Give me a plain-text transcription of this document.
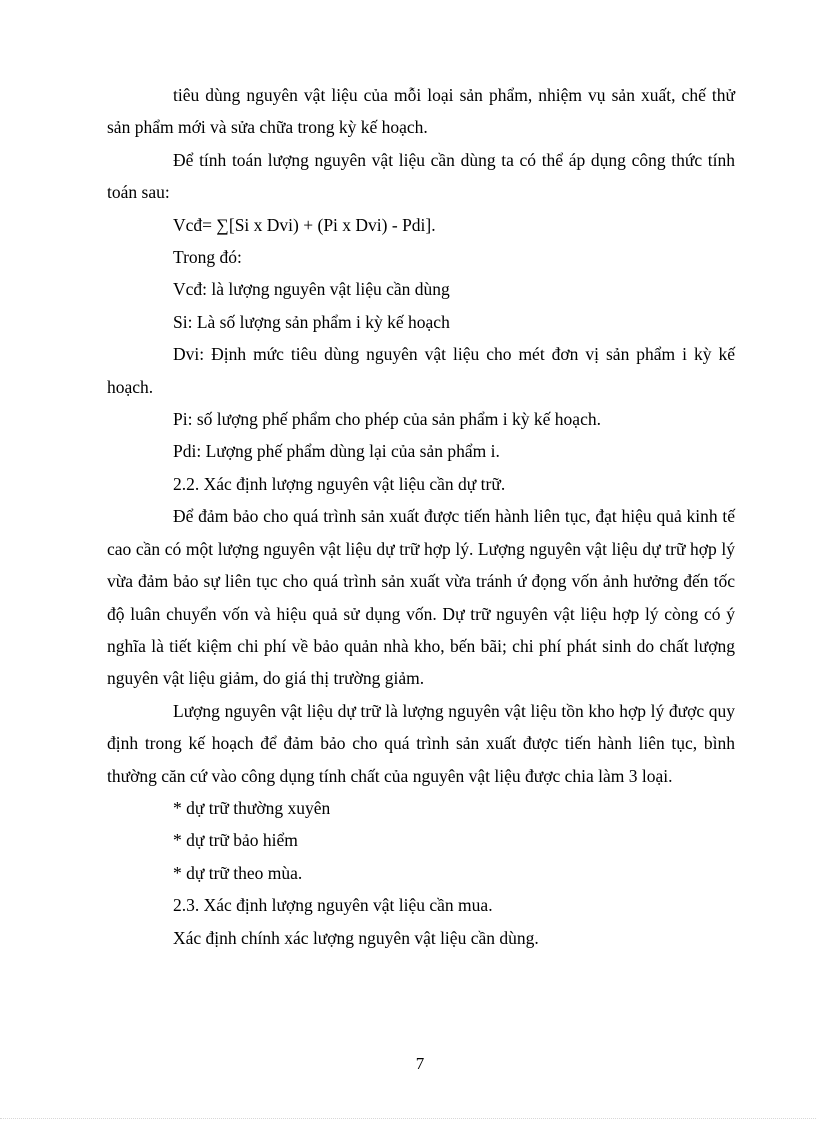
tiêu dùng nguyên vật liệu của mỗi loại sản phẩm, nhiệm vụ sản xuất, chế thử sản phẩm mới và sửa chữa trong kỳ kế hoạch.

Để tính toán lượng nguyên vật liệu cần dùng ta có thể áp dụng công thức tính toán sau:

Vcđ= ∑[Si x Dvi) + (Pi x Dvi) - Pdi].

Trong đó:

Vcđ: là lượng nguyên vật liệu cần dùng

Si: Là số lượng sản phẩm i kỳ kế hoạch

Dvi: Định mức tiêu dùng nguyên vật liệu cho mét đơn vị sản phẩm i kỳ kế hoạch.

Pi: số lượng phế phẩm cho phép của sản phẩm i kỳ kế hoạch.

Pdi: Lượng phế phẩm dùng lại của sản phẩm i.

2.2. Xác định lượng nguyên vật liệu cần dự trữ.

Để đảm bảo cho quá trình sản xuất được tiến hành liên tục, đạt hiệu quả kinh tế cao cần có một lượng nguyên vật liệu dự trữ hợp lý. Lượng nguyên vật liệu dự trữ hợp lý vừa đảm bảo sự liên tục cho quá trình sản xuất vừa tránh ứ đọng vốn ảnh hưởng đến tốc độ luân chuyển vốn và hiệu quả sử dụng vốn. Dự trữ nguyên vật liệu hợp lý còng có ý nghĩa là tiết kiệm chi phí về bảo quản nhà kho, bến bãi; chi phí phát sinh do chất lượng nguyên vật liệu giảm, do giá thị trường giảm.

Lượng nguyên vật liệu dự trữ là lượng nguyên vật liệu tồn kho hợp lý được quy định trong kế hoạch để đảm bảo cho quá trình sản xuất được tiến hành liên tục, bình thường căn cứ vào công dụng tính chất của nguyên vật liệu được chia làm 3 loại.

* dự trữ thường xuyên

* dự trữ bảo hiểm

* dự trữ theo mùa.

2.3. Xác định lượng nguyên vật liệu cần mua.

Xác định chính xác lượng nguyên vật liệu cần dùng.

7
